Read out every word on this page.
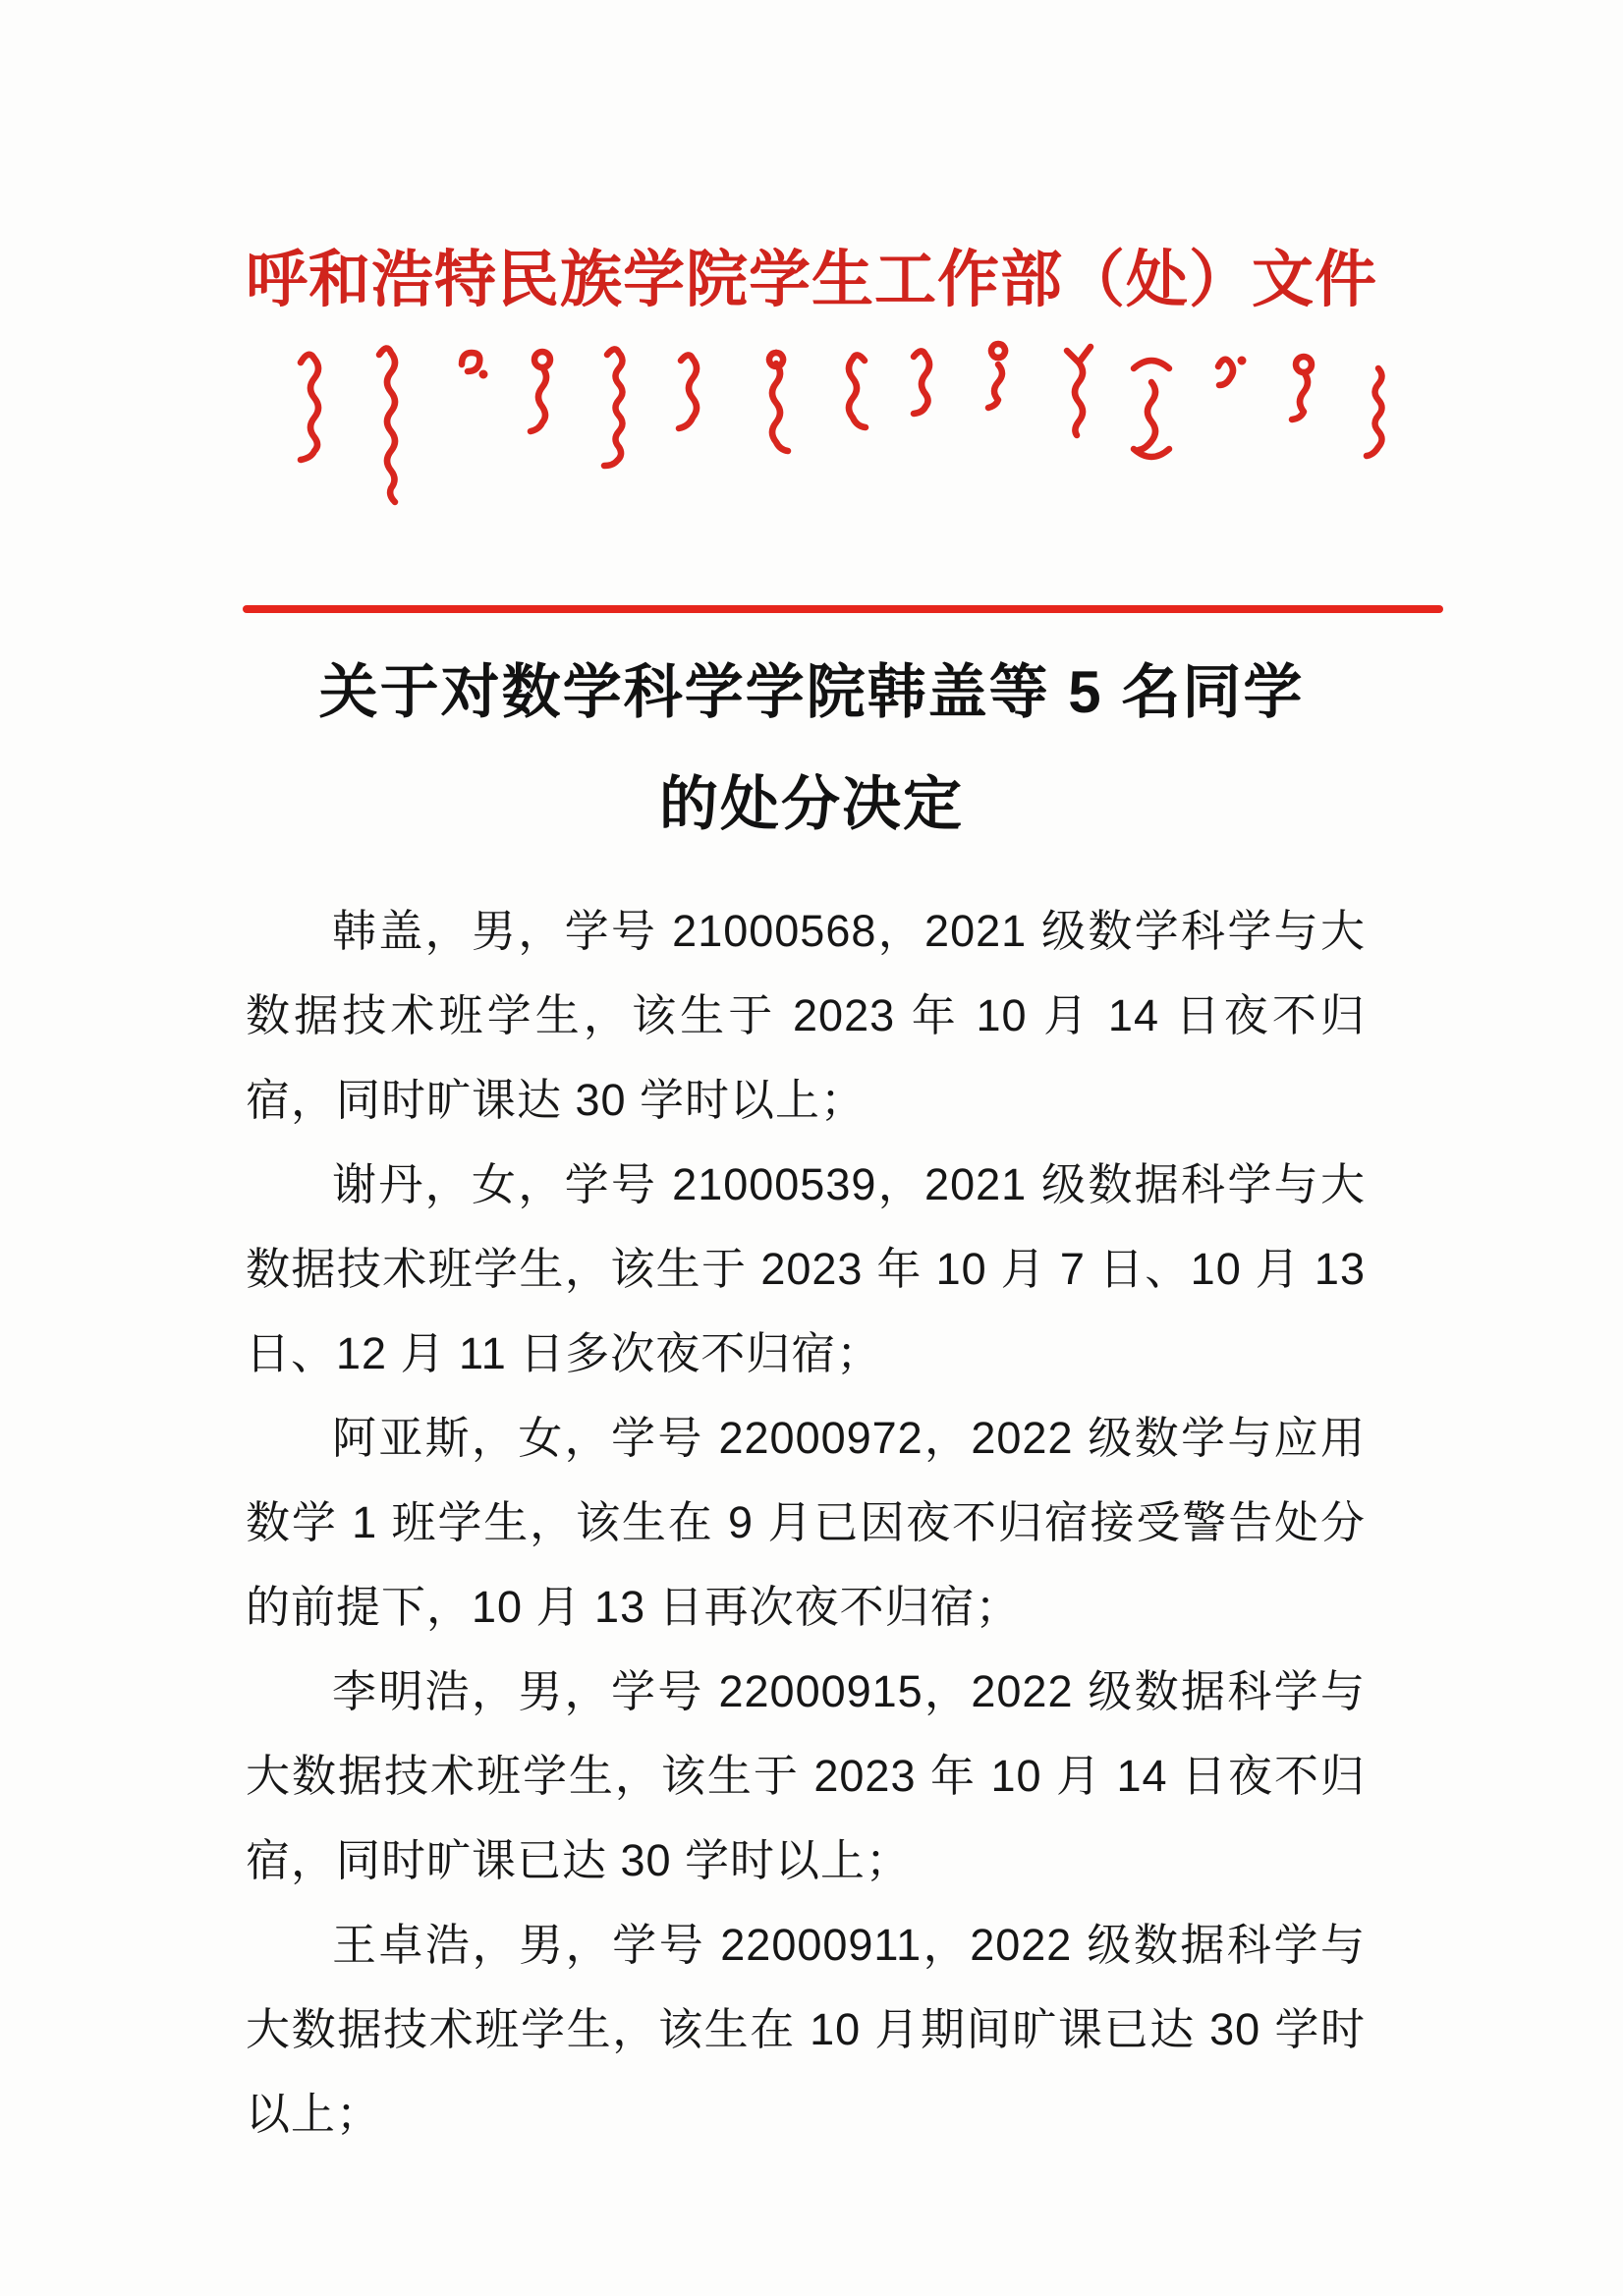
呼和浩特民族学院学生工作部（处）文件
关于对数学科学学院韩盖等 5 名同学
的处分决定

韩盖，男，学号 21000568，2021 级数学科学与大数据技术班学生，该生于 2023 年 10 月 14 日夜不归宿，同时旷课达 30 学时以上；

谢丹，女，学号 21000539，2021 级数据科学与大数据技术班学生，该生于 2023 年 10 月 7 日、10 月 13 日、12 月 11 日多次夜不归宿；

阿亚斯，女，学号 22000972，2022 级数学与应用数学 1 班学生，该生在 9 月已因夜不归宿接受警告处分的前提下，10 月 13 日再次夜不归宿；

李明浩，男，学号 22000915，2022 级数据科学与大数据技术班学生，该生于 2023 年 10 月 14 日夜不归宿，同时旷课已达 30 学时以上；

王卓浩，男，学号 22000911，2022 级数据科学与大数据技术班学生，该生在 10 月期间旷课已达 30 学时以上；
